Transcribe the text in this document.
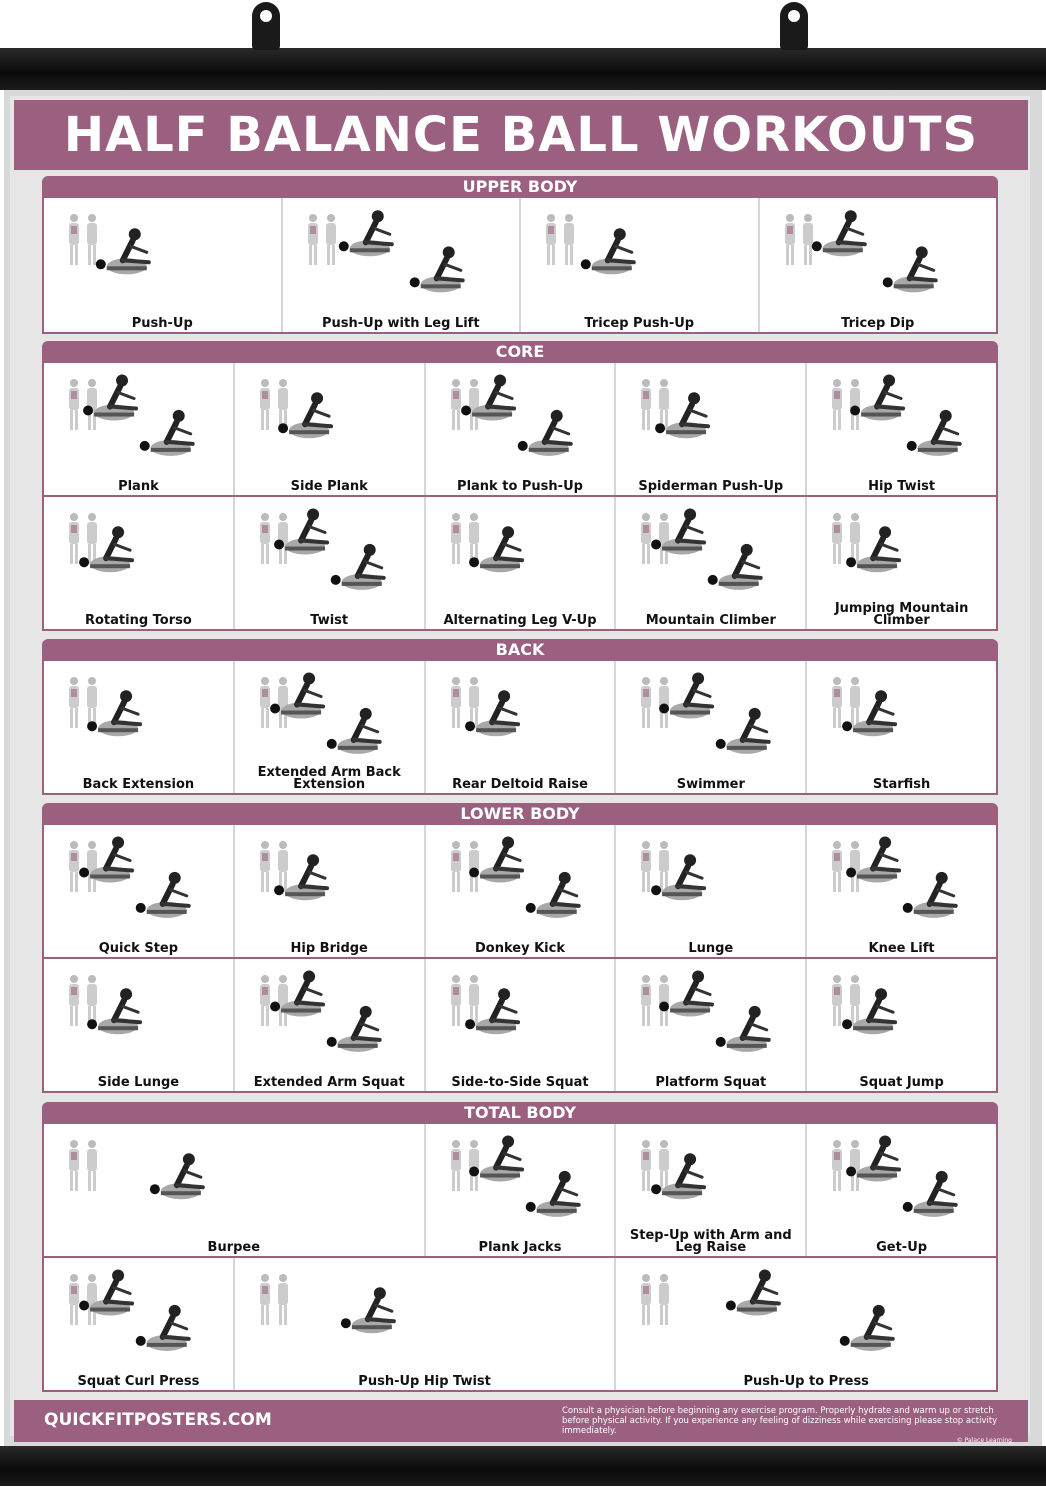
HALF BALANCE BALL WORKOUTS
UPPER BODY
Push-Up	Push-Up with Leg Lift	Tricep Push-Up	Tricep Dip
CORE
Plank	Side Plank	Plank to Push-Up	Spiderman Push-Up	Hip Twist
Rotating Torso	Twist	Alternating Leg V-Up	Mountain Climber
Jumping Mountain Climber
BACK
Back Extension
Extended Arm Back Extension	Rear Deltoid Raise	Swimmer	Starfish
LOWER BODY
Quick Step	Hip Bridge	Donkey Kick	Lunge	Knee Lift
Side Lunge	Extended Arm Squat	Side-to-Side Squat	Platform Squat	Squat Jump
TOTAL BODY
Burpee	Plank Jacks
Step-Up with Arm and Leg Raise	Get-Up
Squat Curl Press	Push-Up Hip Twist	Push-Up to Press
QUICKFITPOSTERS.COM	Consult a physician before beginning any exercise program. Properly hydrate and warm up or stretch before physical activity. If you experience any feeling of dizziness while exercising please stop activity immediately.
© Palace Learning
